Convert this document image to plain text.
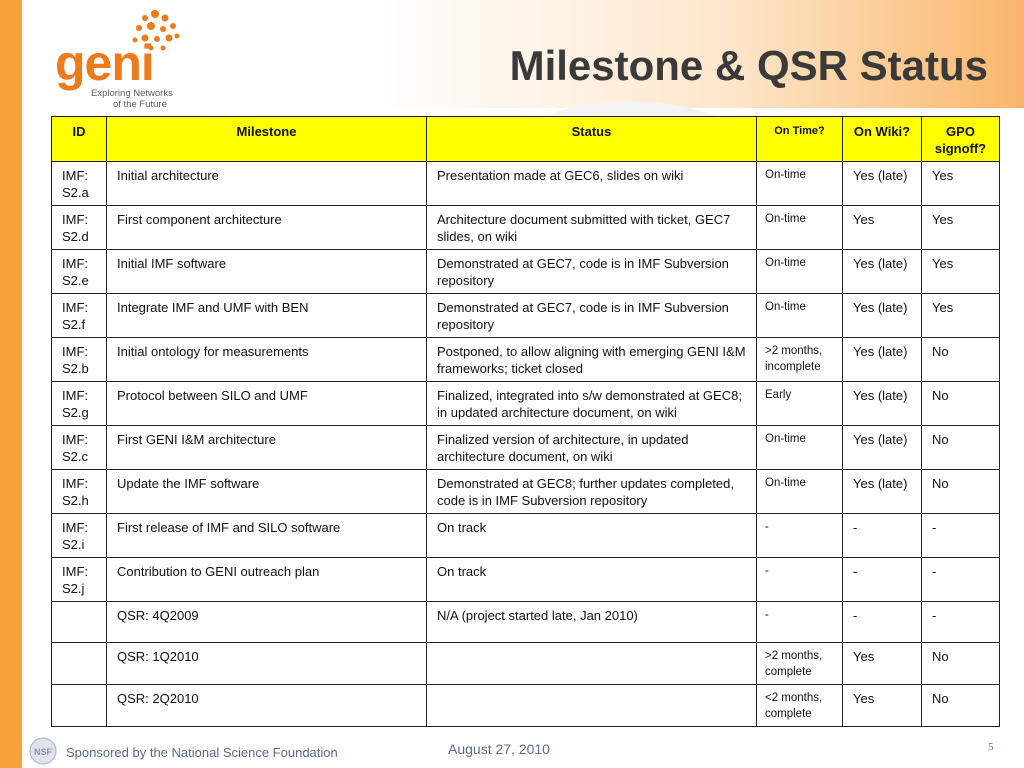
geni
Exploring Networks
of the Future
Milestone & QSR Status
ID	Milestone	Status	On Time?	On Wiki?	GPO signoff?
IMF: S2.a	Initial architecture	Presentation made at GEC6, slides on wiki	On-time	Yes (late)	Yes
IMF: S2.d	First component architecture	Architecture document submitted with ticket, GEC7 slides, on wiki	On-time	Yes	Yes
IMF: S2.e	Initial IMF software	Demonstrated at GEC7, code is in IMF Subversion repository	On-time	Yes (late)	Yes
IMF: S2.f	Integrate IMF and UMF with BEN	Demonstrated at GEC7, code is in IMF Subversion repository	On-time	Yes (late)	Yes
IMF: S2.b	Initial ontology for measurements	Postponed, to allow aligning with emerging GENI I&M frameworks; ticket closed	>2 months, incomplete	Yes (late)	No
IMF: S2.g	Protocol between SILO and UMF	Finalized, integrated into s/w demonstrated at GEC8; in updated architecture document, on wiki	Early	Yes (late)	No
IMF: S2.c	First GENI I&M architecture	Finalized version of architecture, in updated architecture document, on wiki	On-time	Yes (late)	No
IMF: S2.h	Update the IMF software	Demonstrated at GEC8; further updates completed, code is in IMF Subversion repository	On-time	Yes (late)	No
IMF: S2.i	First release of IMF and SILO software	On track	-	-	-
IMF: S2.j	Contribution to GENI outreach plan	On track	-	-	-
	QSR: 4Q2009	N/A (project started late, Jan 2010)	-	-	-
	QSR: 1Q2010		>2 months, complete	Yes	No
	QSR: 2Q2010		<2 months, complete	Yes	No
NSF Sponsored by the National Science Foundation	August 27, 2010	5
